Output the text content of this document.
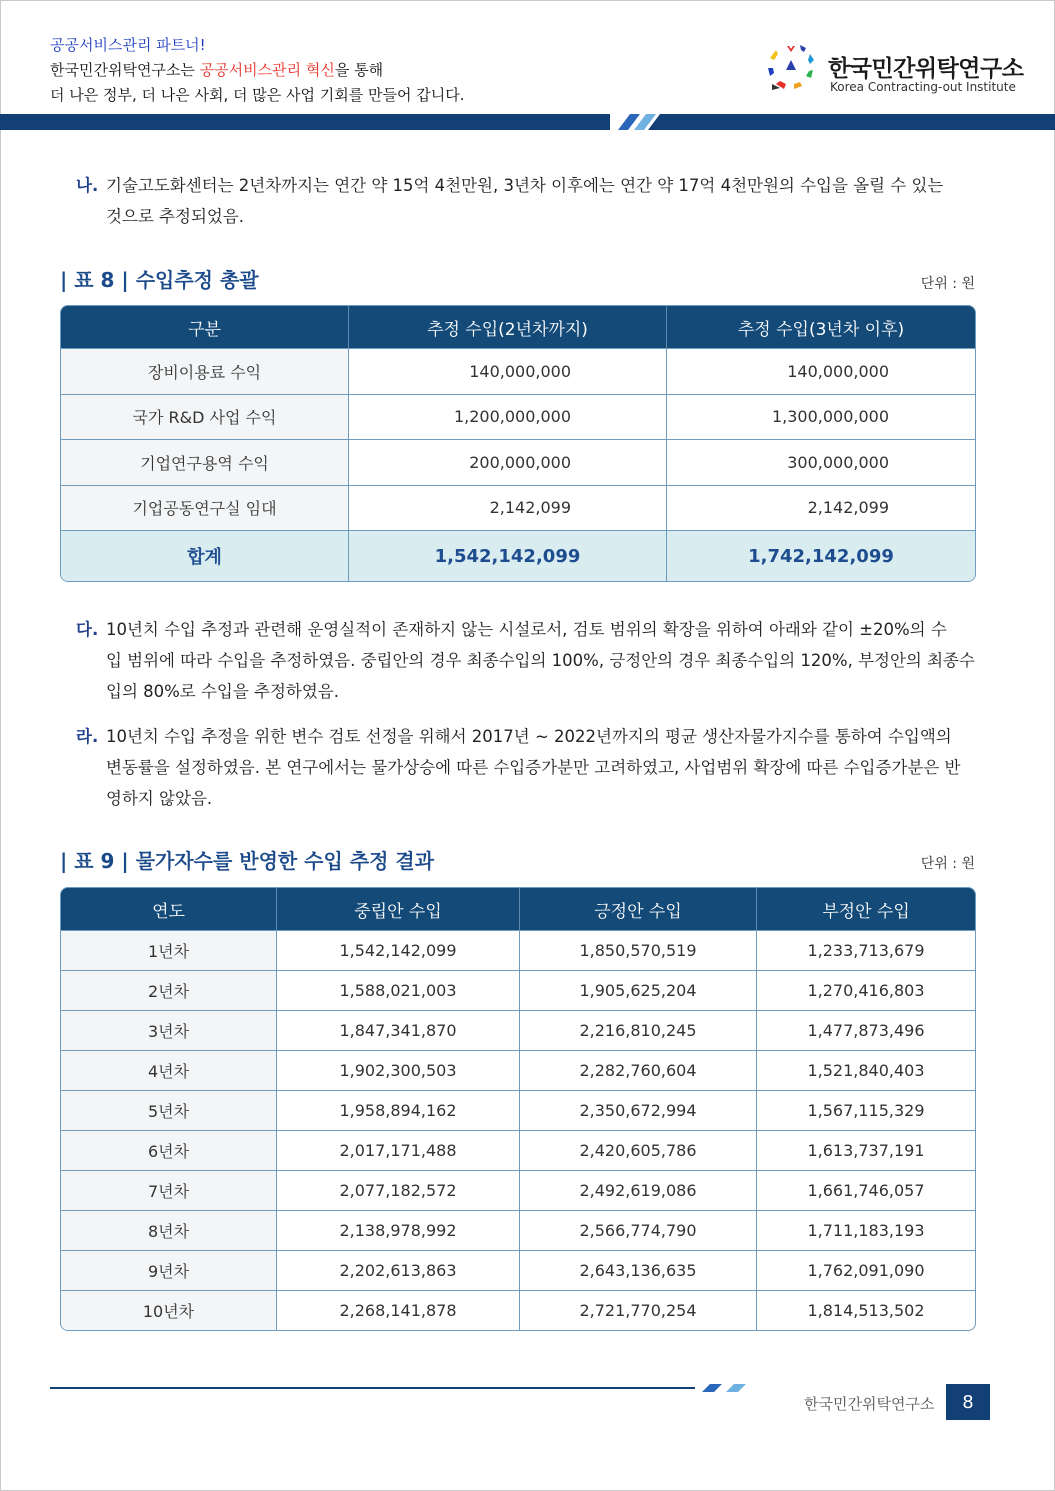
공공서비스관리 파트너!
한국민간위탁연구소는 공공서비스관리 혁신을 통해
더 나은 정부, 더 나은 사회, 더 많은 사업 기회를 만들어 갑니다.
한국민간위탁연구소
Korea Contracting-out Institute
나. 기술고도화센터는 2년차까지는 연간 약 15억 4천만원, 3년차 이후에는 연간 약 17억 4천만원의 수입을 올릴 수 있는
것으로 추정되었음.
| 표 8 | 수입추정 총괄	단위 : 원
구분	추정 수입(2년차까지)	추정 수입(3년차 이후)
장비이용료 수익	140,000,000	140,000,000
국가 R&D 사업 수익	1,200,000,000	1,300,000,000
기업연구용역 수익	200,000,000	300,000,000
기업공동연구실 임대	2,142,099	2,142,099
합계	1,542,142,099	1,742,142,099
다. 10년치 수입 추정과 관련해 운영실적이 존재하지 않는 시설로서, 검토 범위의 확장을 위하여 아래와 같이 ±20%의 수
입 범위에 따라 수입을 추정하였음. 중립안의 경우 최종수입의 100%, 긍정안의 경우 최종수입의 120%, 부정안의 최종수
입의 80%로 수입을 추정하였음.
라. 10년치 수입 추정을 위한 변수 검토 선정을 위해서 2017년 ~ 2022년까지의 평균 생산자물가지수를 통하여 수입액의
변동률을 설정하였음. 본 연구에서는 물가상승에 따른 수입증가분만 고려하였고, 사업범위 확장에 따른 수입증가분은 반
영하지 않았음.
| 표 9 | 물가자수를 반영한 수입 추정 결과	단위 : 원
연도	중립안 수입	긍정안 수입	부정안 수입
1년차	1,542,142,099	1,850,570,519	1,233,713,679
2년차	1,588,021,003	1,905,625,204	1,270,416,803
3년차	1,847,341,870	2,216,810,245	1,477,873,496
4년차	1,902,300,503	2,282,760,604	1,521,840,403
5년차	1,958,894,162	2,350,672,994	1,567,115,329
6년차	2,017,171,488	2,420,605,786	1,613,737,191
7년차	2,077,182,572	2,492,619,086	1,661,746,057
8년차	2,138,978,992	2,566,774,790	1,711,183,193
9년차	2,202,613,863	2,643,136,635	1,762,091,090
10년차	2,268,141,878	2,721,770,254	1,814,513,502
한국민간위탁연구소	8
